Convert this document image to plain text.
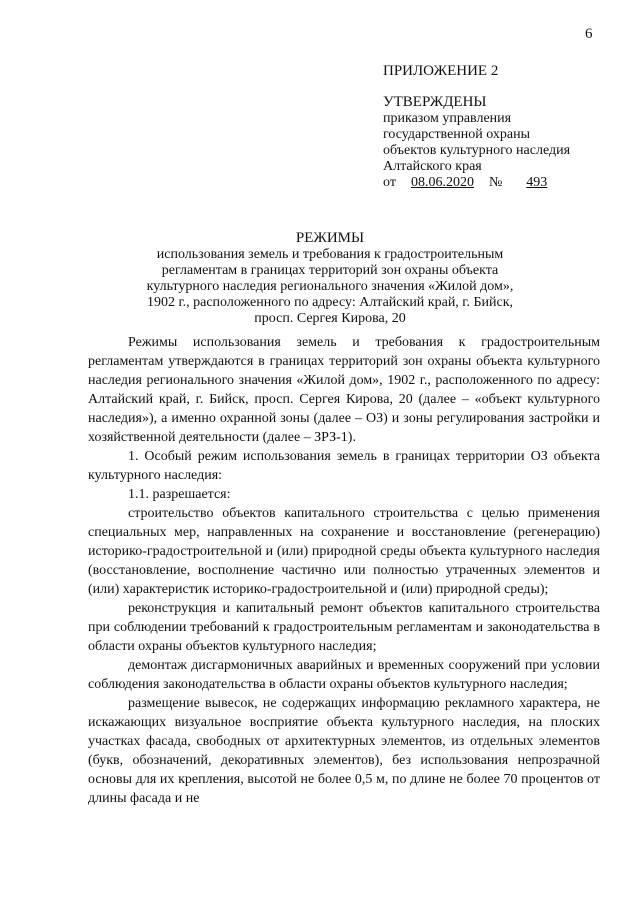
6
ПРИЛОЖЕНИЕ 2
УТВЕРЖДЕНЫ
приказом управления
государственной охраны
объектов культурного наследия
Алтайского края
от 08.06.2020 № 493
РЕЖИМЫ
использования земель и требования к градостроительным
регламентам в границах территорий зон охраны объекта
культурного наследия регионального значения «Жилой дом»,
1902 г., расположенного по адресу: Алтайский край, г. Бийск,
просп. Сергея Кирова, 20

Режимы использования земель и требования к градостроительным регламентам утверждаются в границах территорий зон охраны объекта культурного наследия регионального значения «Жилой дом», 1902 г., расположенного по адресу: Алтайский край, г. Бийск, просп. Сергея Кирова, 20 (далее – «объект культурного наследия»), а именно охранной зоны (далее – ОЗ) и зоны регулирования застройки и хозяйственной деятельности (далее – ЗРЗ-1).

1. Особый режим использования земель в границах территории ОЗ объекта культурного наследия:

1.1. разрешается:

строительство объектов капитального строительства с целью применения специальных мер, направленных на сохранение и восстановление (регенерацию) историко-градостроительной и (или) природной среды объекта культурного наследия (восстановление, восполнение частично или полностью утраченных элементов и (или) характеристик историко-градостроительной и (или) природной среды);

реконструкция и капитальный ремонт объектов капитального строительства при соблюдении требований к градостроительным регламентам и законодательства в области охраны объектов культурного наследия;

демонтаж дисгармоничных аварийных и временных сооружений при условии соблюдения законодательства в области охраны объектов культурного наследия;

размещение вывесок, не содержащих информацию рекламного характера, не искажающих визуальное восприятие объекта культурного наследия, на плоских участках фасада, свободных от архитектурных элементов, из отдельных элементов (букв, обозначений, декоративных элементов), без использования непрозрачной основы для их крепления, высотой не более 0,5 м, по длине не более 70 процентов от длины фасада и не
